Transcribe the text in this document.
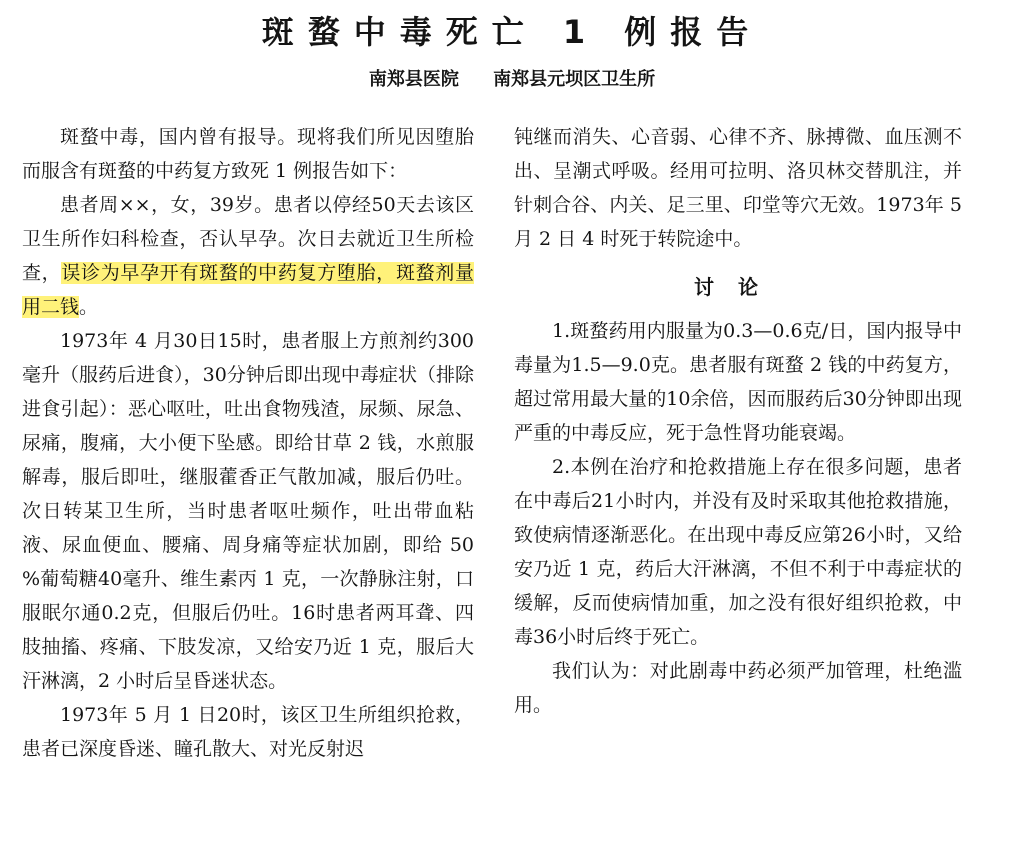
斑蝥中毒死亡 1 例报告
南郑县医院 南郑县元坝区卫生所

斑蝥中毒，国内曾有报导。现将我们所见因堕胎而服含有斑蝥的中药复方致死 1 例报告如下：

患者周××，女，39岁。患者以停经50天去该区卫生所作妇科检查，否认早孕。次日去就近卫生所检查，误诊为早孕开有斑蝥的中药复方堕胎，斑蝥剂量用二钱。

1973年 4 月30日15时，患者服上方煎剂约300毫升（服药后进食），30分钟后即出现中毒症状（排除进食引起）：恶心呕吐，吐出食物残渣，尿频、尿急、尿痛，腹痛，大小便下坠感。即给甘草 2 钱，水煎服解毒，服后即吐，继服藿香正气散加减，服后仍吐。次日转某卫生所，当时患者呕吐频作，吐出带血粘液、尿血便血、腰痛、周身痛等症状加剧，即给 50 %葡萄糖40毫升、维生素丙 1 克，一次静脉注射，口服眠尔通0.2克，但服后仍吐。16时患者两耳聋、四肢抽搐、疼痛、下肢发凉，又给安乃近 1 克，服后大汗淋漓，2 小时后呈昏迷状态。

1973年 5 月 1 日20时，该区卫生所组织抢救，患者已深度昏迷、瞳孔散大、对光反射迟

钝继而消失、心音弱、心律不齐、脉搏微、血压测不出、呈潮式呼吸。经用可拉明、洛贝林交替肌注，并针刺合谷、内关、足三里、印堂等穴无效。1973年 5 月 2 日 4 时死于转院途中。

讨论

1.斑蝥药用内服量为0.3—0.6克/日，国内报导中毒量为1.5—9.0克。患者服有斑蝥 2 钱的中药复方，超过常用最大量的10余倍，因而服药后30分钟即出现严重的中毒反应，死于急性肾功能衰竭。

2.本例在治疗和抢救措施上存在很多问题，患者在中毒后21小时内，并没有及时采取其他抢救措施，致使病情逐渐恶化。在出现中毒反应第26小时，又给安乃近 1 克，药后大汗淋漓，不但不利于中毒症状的缓解，反而使病情加重，加之没有很好组织抢救，中毒36小时后终于死亡。

我们认为：对此剧毒中药必须严加管理，杜绝滥用。
